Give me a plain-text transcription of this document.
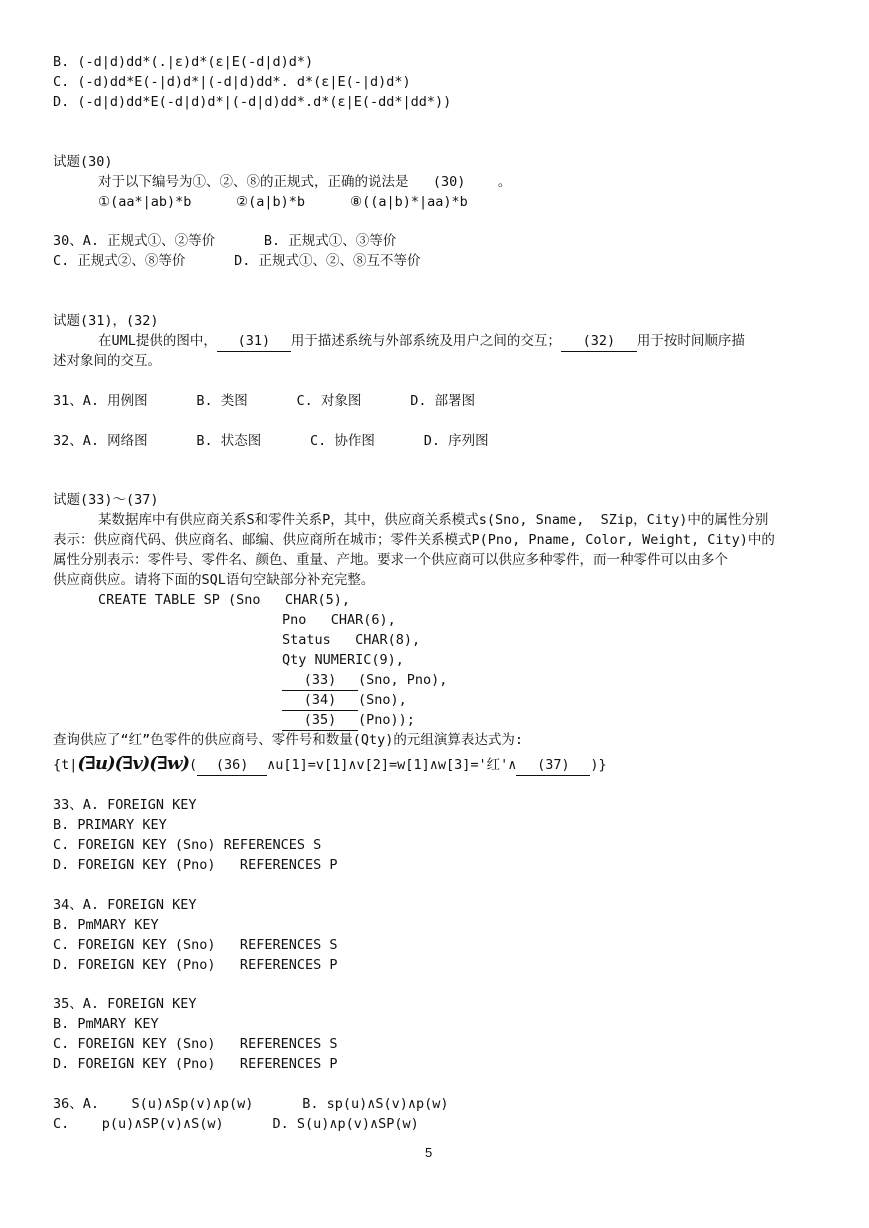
B. (-d|d)dd*(.|ε)d*(ε|E(-d|d)d*)
C. (-d)dd*E(-|d)d*|(-d|d)dd*. d*(ε|E(-|d)d*)
D. (-d|d)dd*E(-d|d)d*|(-d|d)dd*.d*(ε|E(-dd*|dd*))
试题(30)
对于以下编号为①、②、⑧的正规式，正确的说法是   (30)    。
①(aa*|ab)*b	②(a|b)*b	⑧((a|b)*|aa)*b
30、A. 正规式①、②等价      B. 正规式①、③等价
C. 正规式②、⑧等价      D. 正规式①、②、⑧互不等价
试题(31)，(32)
在UML提供的图中， (31) 用于描述系统与外部系统及用户之间的交互； (32) 用于按时间顺序描
述对象间的交互。
31、A. 用例图      B. 类图      C. 对象图      D. 部署图
32、A. 网络图      B. 状态图      C. 协作图      D. 序列图
试题(33)～(37)
某数据库中有供应商关系S和零件关系P，其中，供应商关系模式s(Sno, Sname,  SZip，City)中的属性分别
表示：供应商代码、供应商名、邮编、供应商所在城市；零件关系模式P(Pno, Pname, Color, Weight, City)中的
属性分别表示：零件号、零件名、颜色、重量、产地。要求一个供应商可以供应多种零件，而一种零件可以由多个
供应商供应。请将下面的SQL语句空缺部分补充完整。
CREATE TABLE SP (Sno   CHAR(5),
Pno   CHAR(6),
Status   CHAR(8),
Qty NUMERIC(9),
(33) (Sno, Pno),
(34) (Sno),
(35) (Pno));
查询供应了“红”色零件的供应商号、零件号和数量(Qty)的元组演算表达式为:
{t|(∃u)(∃v)(∃w)( (36) ∧u[1]=v[1]∧v[2]=w[1]∧w[3]='红'∧ (37) )}
33、A. FOREIGN KEY
B. PRIMARY KEY
C. FOREIGN KEY (Sno) REFERENCES S
D. FOREIGN KEY (Pno)   REFERENCES P
34、A. FOREIGN KEY
B. PmMARY KEY
C. FOREIGN KEY (Sno)   REFERENCES S
D. FOREIGN KEY (Pno)   REFERENCES P
35、A. FOREIGN KEY
B. PmMARY KEY
C. FOREIGN KEY (Sno)   REFERENCES S
D. FOREIGN KEY (Pno)   REFERENCES P
36、A.    S(u)∧Sp(v)∧p(w)      B. sp(u)∧S(v)∧p(w)
C.    p(u)∧SP(v)∧S(w)      D. S(u)∧p(v)∧SP(w)
5
